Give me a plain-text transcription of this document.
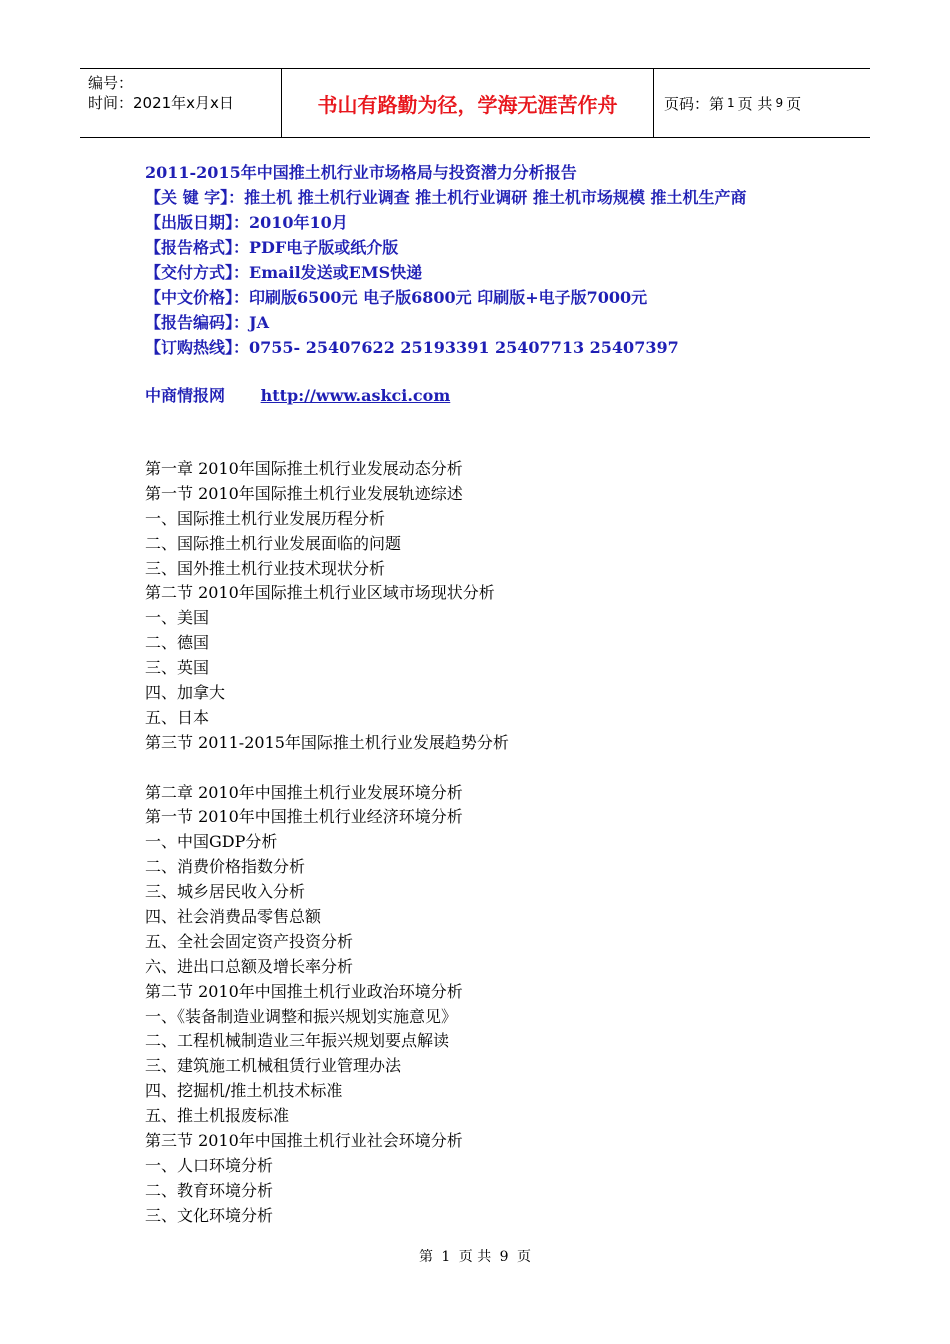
编号：
时间：2021年x月x日	书山有路勤为径，学海无涯苦作舟	页码：第 1 页 共 9 页
2011-2015年中国推土机行业市场格局与投资潜力分析报告
【关 键 字】：推土机 推土机行业调查 推土机行业调研 推土机市场规模 推土机生产商
【出版日期】：2010年10月
【报告格式】：PDF电子版或纸介版
【交付方式】：Email发送或EMS快递
【中文价格】：印刷版6500元 电子版6800元 印刷版+电子版7000元
【报告编码】：JA
【订购热线】：0755- 25407622 25193391 25407713 25407397
中商情报网 http://www.askci.com
第一章 2010年国际推土机行业发展动态分析
第一节 2010年国际推土机行业发展轨迹综述
一、国际推土机行业发展历程分析
二、国际推土机行业发展面临的问题
三、国外推土机行业技术现状分析
第二节 2010年国际推土机行业区域市场现状分析
一、美国
二、德国
三、英国
四、加拿大
五、日本
第三节 2011-2015年国际推土机行业发展趋势分析
第二章 2010年中国推土机行业发展环境分析
第一节 2010年中国推土机行业经济环境分析
一、中国GDP分析
二、消费价格指数分析
三、城乡居民收入分析
四、社会消费品零售总额
五、全社会固定资产投资分析
六、进出口总额及增长率分析
第二节 2010年中国推土机行业政治环境分析
一、《装备制造业调整和振兴规划实施意见》
二、工程机械制造业三年振兴规划要点解读
三、建筑施工机械租赁行业管理办法
四、挖掘机/推土机技术标准
五、推土机报废标准
第三节 2010年中国推土机行业社会环境分析
一、人口环境分析
二、教育环境分析
三、文化环境分析
第 1 页 共 9 页
